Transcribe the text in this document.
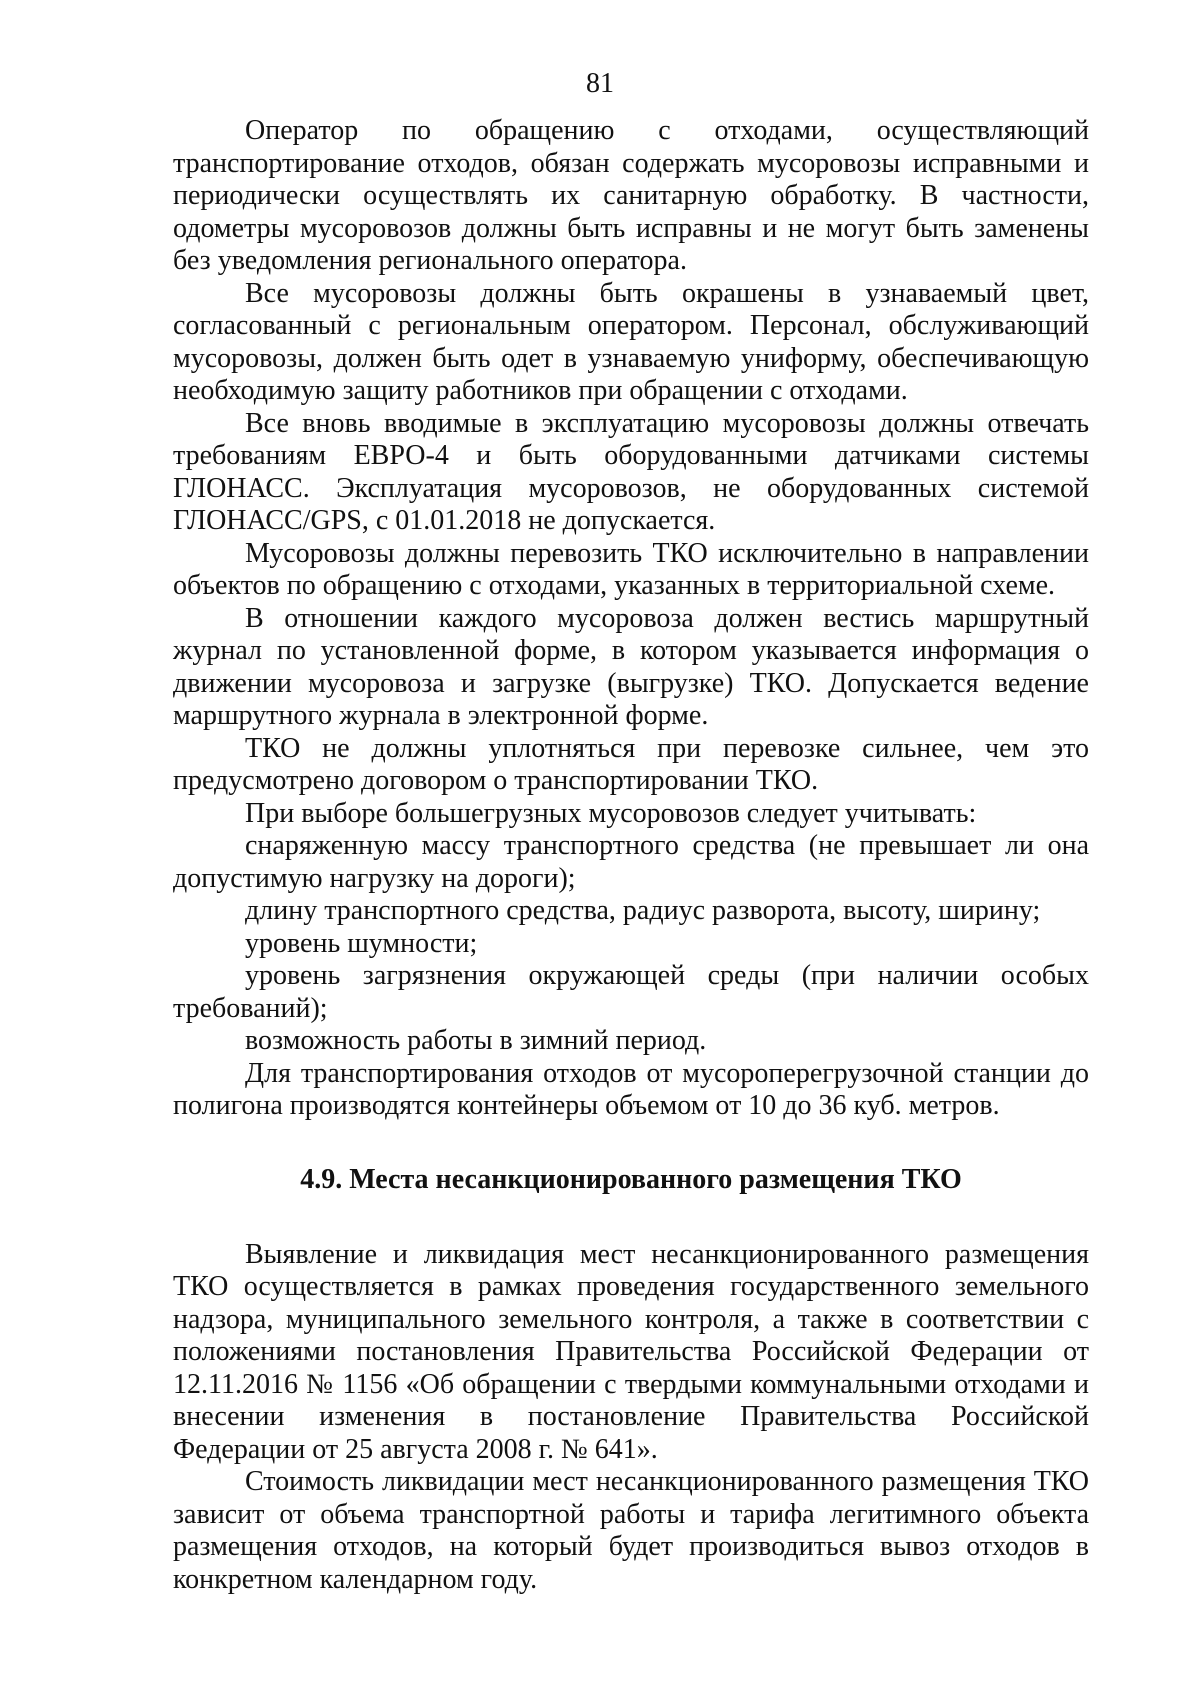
81

Оператор по обращению с отходами, осуществляющий транспортирование отходов, обязан содержать мусоровозы исправными и периодически осуществлять их санитарную обработку. В частности, одометры мусоровозов должны быть исправны и не могут быть заменены без уведомления регионального оператора.

Все мусоровозы должны быть окрашены в узнаваемый цвет, согласованный с региональным оператором. Персонал, обслуживающий мусоровозы, должен быть одет в узнаваемую униформу, обеспечивающую необходимую защиту работников при обращении с отходами.

Все вновь вводимые в эксплуатацию мусоровозы должны отвечать требованиям ЕВРО-4 и быть оборудованными датчиками системы ГЛОНАСС. Эксплуатация мусоровозов, не оборудованных системой ГЛОНАСС/GPS, с 01.01.2018 не допускается.

Мусоровозы должны перевозить ТКО исключительно в направлении объектов по обращению с отходами, указанных в территориальной схеме.

В отношении каждого мусоровоза должен вестись маршрутный журнал по установленной форме, в котором указывается информация о движении мусоровоза и загрузке (выгрузке) ТКО. Допускается ведение маршрутного журнала в электронной форме.

ТКО не должны уплотняться при перевозке сильнее, чем это предусмотрено договором о транспортировании ТКО.

При выборе большегрузных мусоровозов следует учитывать:

снаряженную массу транспортного средства (не превышает ли она допустимую нагрузку на дороги);

длину транспортного средства, радиус разворота, высоту, ширину;

уровень шумности;

уровень загрязнения окружающей среды (при наличии особых требований);

возможность работы в зимний период.

Для транспортирования отходов от мусороперегрузочной станции до полигона производятся контейнеры объемом от 10 до 36 куб. метров.

4.9. Места несанкционированного размещения ТКО

Выявление и ликвидация мест несанкционированного размещения ТКО осуществляется в рамках проведения государственного земельного надзора, муниципального земельного контроля, а также в соответствии с положениями постановления Правительства Российской Федерации от 12.11.2016 № 1156 «Об обращении с твердыми коммунальными отходами и внесении изменения в постановление Правительства Российской Федерации от 25 августа 2008 г. № 641».

Стоимость ликвидации мест несанкционированного размещения ТКО зависит от объема транспортной работы и тарифа легитимного объекта размещения отходов, на который будет производиться вывоз отходов в конкретном календарном году.
